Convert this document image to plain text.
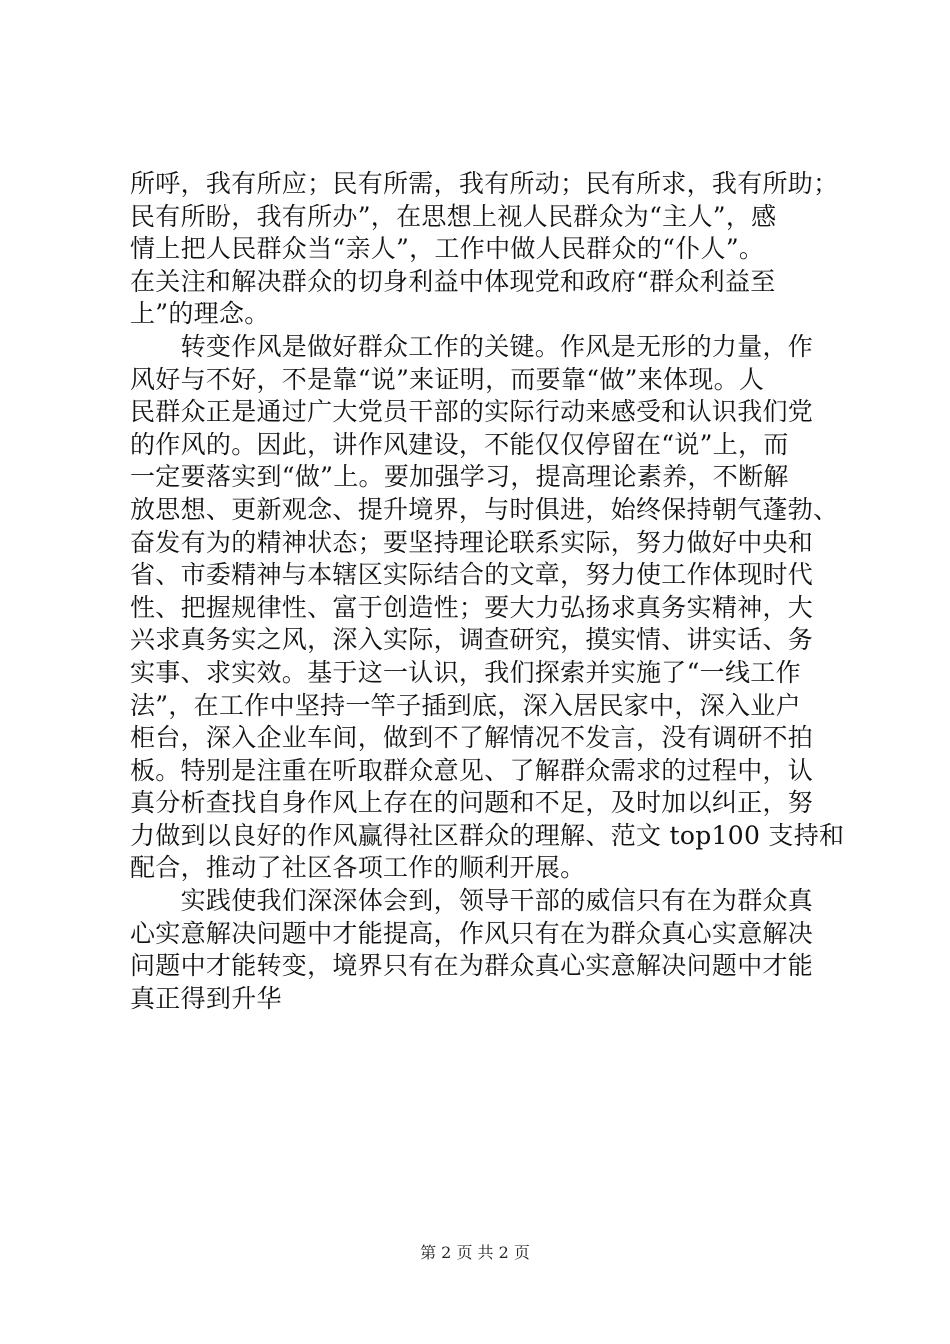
所呼，我有所应；民有所需，我有所动；民有所求，我有所助；
民有所盼，我有所办”，在思想上视人民群众为“主人”，感
情上把人民群众当“亲人”，工作中做人民群众的“仆人”。
在关注和解决群众的切身利益中体现党和政府“群众利益至
上”的理念。
　　转变作风是做好群众工作的关键。作风是无形的力量，作
风好与不好，不是靠“说”来证明，而要靠“做”来体现。人
民群众正是通过广大党员干部的实际行动来感受和认识我们党
的作风的。因此，讲作风建设，不能仅仅停留在“说”上，而
一定要落实到“做”上。要加强学习，提高理论素养，不断解
放思想、更新观念、提升境界，与时俱进，始终保持朝气蓬勃、
奋发有为的精神状态；要坚持理论联系实际，努力做好中央和
省、市委精神与本辖区实际结合的文章，努力使工作体现时代
性、把握规律性、富于创造性；要大力弘扬求真务实精神，大
兴求真务实之风，深入实际，调查研究，摸实情、讲实话、务
实事、求实效。基于这一认识，我们探索并实施了“一线工作
法”，在工作中坚持一竿子插到底，深入居民家中，深入业户
柜台，深入企业车间，做到不了解情况不发言，没有调研不拍
板。特别是注重在听取群众意见、了解群众需求的过程中，认
真分析查找自身作风上存在的问题和不足，及时加以纠正，努
力做到以良好的作风赢得社区群众的理解、范文 top100 支持和
配合，推动了社区各项工作的顺利开展。
　　实践使我们深深体会到，领导干部的威信只有在为群众真
心实意解决问题中才能提高，作风只有在为群众真心实意解决
问题中才能转变，境界只有在为群众真心实意解决问题中才能
真正得到升华
第 2 页 共 2 页
